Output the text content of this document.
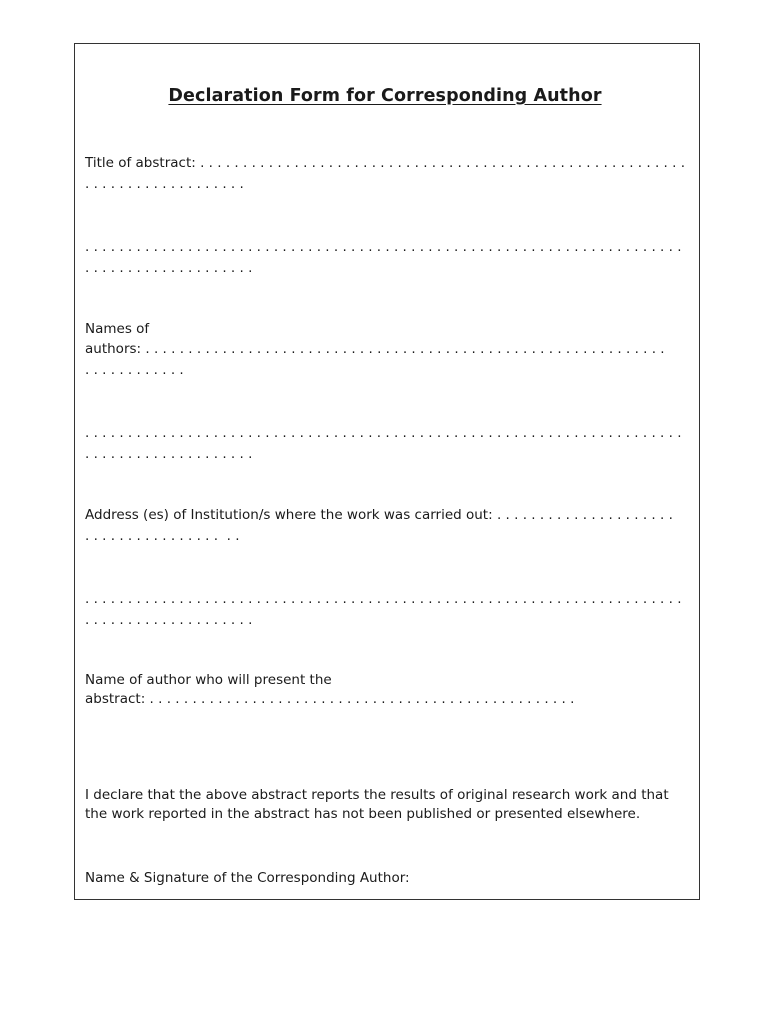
Declaration Form for Corresponding Author
Title of abstract: . . . . . . . . . . . . . . . . . . . . . . . . . . . . . . . . . . . . . . . . . . . . . . . . . . . . . . . . .
. . . . . . . . . . . . . . . . . . .
. . . . . . . . . . . . . . . . . . . . . . . . . . . . . . . . . . . . . . . . . . . . . . . . . . . . . . . . . . . . . . . . . . . . . .
. . . . . . . . . . . . . . . . . . . .
Names of
authors: . . . . . . . . . . . . . . . . . . . . . . . . . . . . . . . . . . . . . . . . . . . . . . . . . . . . . . . . . . . . .
. . . . . . . . . . . .
. . . . . . . . . . . . . . . . . . . . . . . . . . . . . . . . . . . . . . . . . . . . . . . . . . . . . . . . . . . . . . . . . . . . . .
. . . . . . . . . . . . . . . . . . . .
Address (es) of Institution/s where the work was carried out: . . . . . . . . . . . . . . . . . . . . .
. . . . . . . . . . . . . . . .  . .
. . . . . . . . . . . . . . . . . . . . . . . . . . . . . . . . . . . . . . . . . . . . . . . . . . . . . . . . . . . . . . . . . . . . . .
. . . . . . . . . . . . . . . . . . . .
Name of author who will present the
abstract: . . . . . . . . . . . . . . . . . . . . . . . . . . . . . . . . . . . . . . . . . . . . . . . . . .
I declare that the above abstract reports the results of original research work and that the work reported in the abstract has not been published or presented elsewhere.
Name & Signature of the Corresponding Author:
